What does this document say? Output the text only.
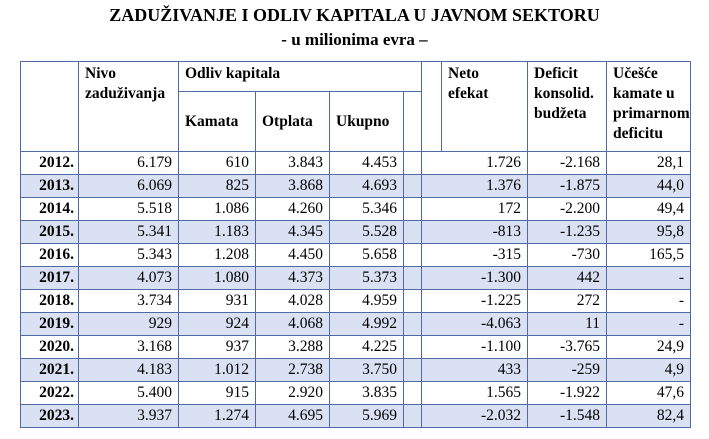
ZADUŽIVANJE I ODLIV KAPITALA U JAVNOM SEKTORU
- u milionima evra –
	Nivo zaduživanja	Odliv kapitala					Neto efekat	Deficit konsolid. budžeta	Učešće kamate u primarnom deficitu
		Kamata	Otplata	Ukupno					
2012.	6.179	610	3.843	4.453		1.726		-2.168	28,1
2013.	6.069	825	3.868	4.693		1.376		-1.875	44,0
2014.	5.518	1.086	4.260	5.346		172		-2.200	49,4
2015.	5.341	1.183	4.345	5.528		-813		-1.235	95,8
2016.	5.343	1.208	4.450	5.658		-315		-730	165,5
2017.	4.073	1.080	4.373	5.373		-1.300		442	-
2018.	3.734	931	4.028	4.959		-1.225		272	-
2019.	929	924	4.068	4.992		-4.063		11	-
2020.	3.168	937	3.288	4.225		-1.100		-3.765	24,9
2021.	4.183	1.012	2.738	3.750		433		-259	4,9
2022.	5.400	915	2.920	3.835		1.565		-1.922	47,6
2023.	3.937	1.274	4.695	5.969		-2.032		-1.548	82,4
